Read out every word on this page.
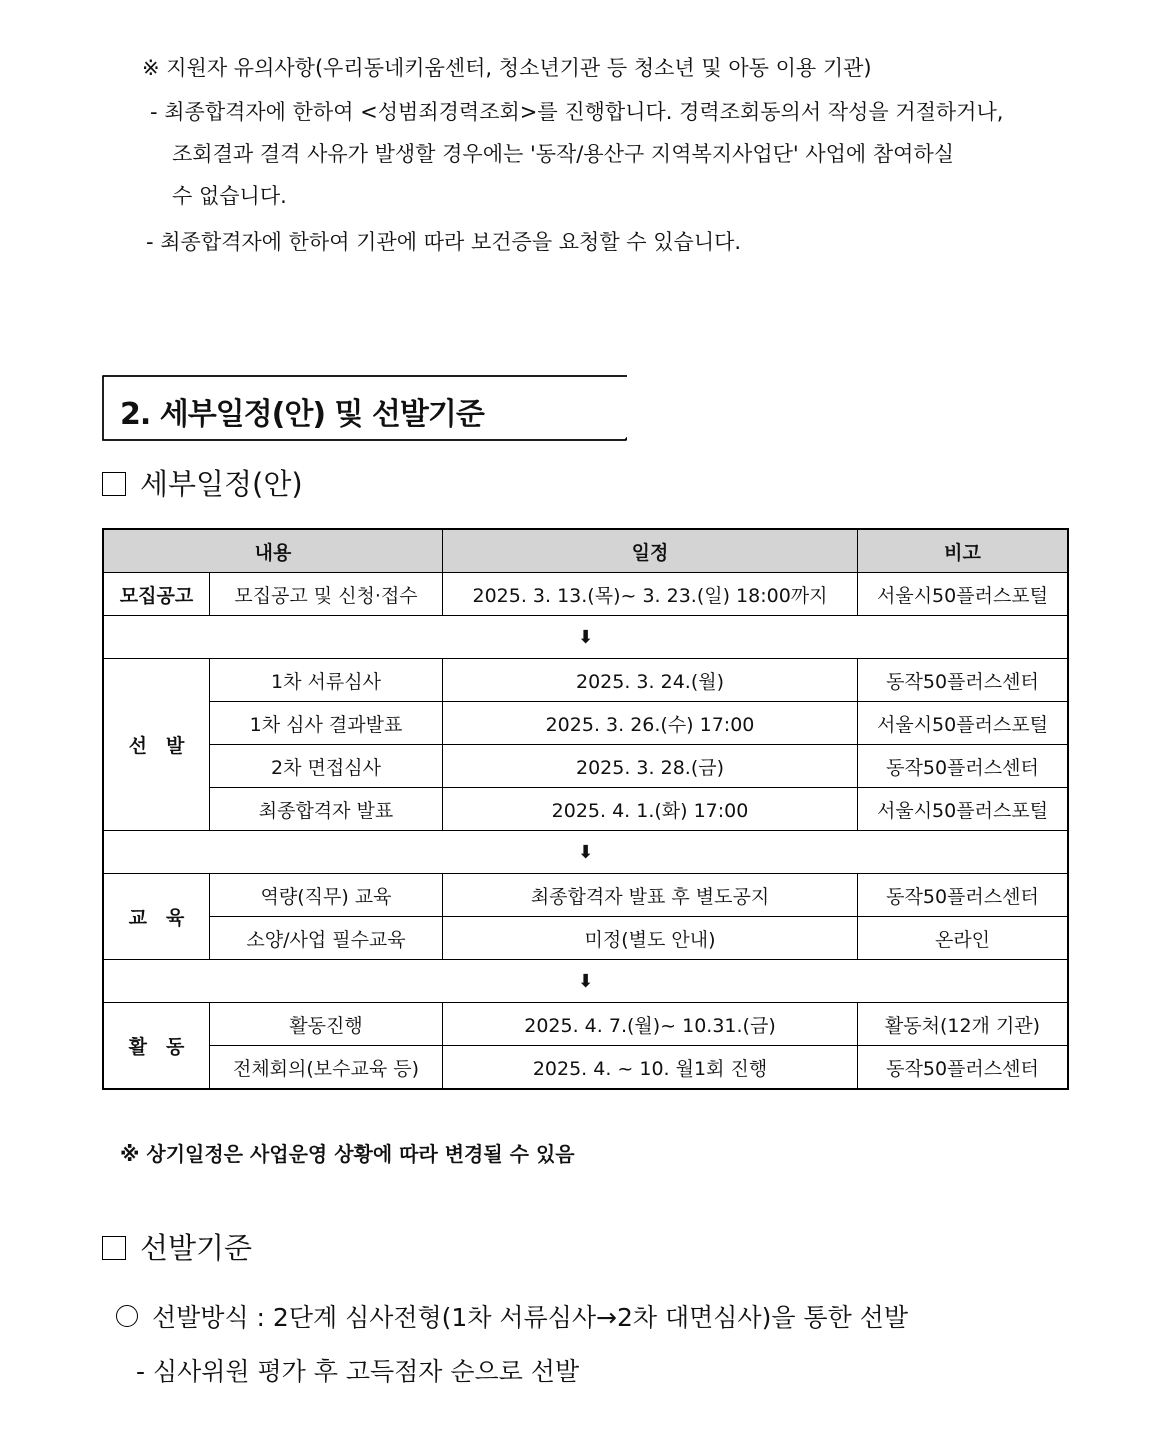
※ 지원자 유의사항(우리동네키움센터, 청소년기관 등 청소년 및 아동 이용 기관)
- 최종합격자에 한하여 <성범죄경력조회>를 진행합니다. 경력조회동의서 작성을 거절하거나,
조회결과 결격 사유가 발생할 경우에는 '동작/용산구 지역복지사업단' 사업에 참여하실
수 없습니다.
- 최종합격자에 한하여 기관에 따라 보건증을 요청할 수 있습니다.
2. 세부일정(안) 및 선발기준
세부일정(안)
내용		일정	비고
모집공고	모집공고 및 신청·접수	2025. 3. 13.(목)~ 3. 23.(일) 18:00까지	서울시50플러스포털
⬇			
선　발	1차 서류심사	2025. 3. 24.(월)	동작50플러스센터
	1차 심사 결과발표	2025. 3. 26.(수) 17:00	서울시50플러스포털
	2차 면접심사	2025. 3. 28.(금)	동작50플러스센터
	최종합격자 발표	2025. 4. 1.(화) 17:00	서울시50플러스포털
⬇			
교　육	역량(직무) 교육	최종합격자 발표 후 별도공지	동작50플러스센터
	소양/사업 필수교육	미정(별도 안내)	온라인
⬇			
활　동	활동진행	2025. 4. 7.(월)~ 10.31.(금)	활동처(12개 기관)
	전체회의(보수교육 등)	2025. 4. ~ 10. 월1회 진행	동작50플러스센터
※ 상기일정은 사업운영 상황에 따라 변경될 수 있음
선발기준
선발방식 : 2단계 심사전형(1차 서류심사→2차 대면심사)을 통한 선발
- 심사위원 평가 후 고득점자 순으로 선발
